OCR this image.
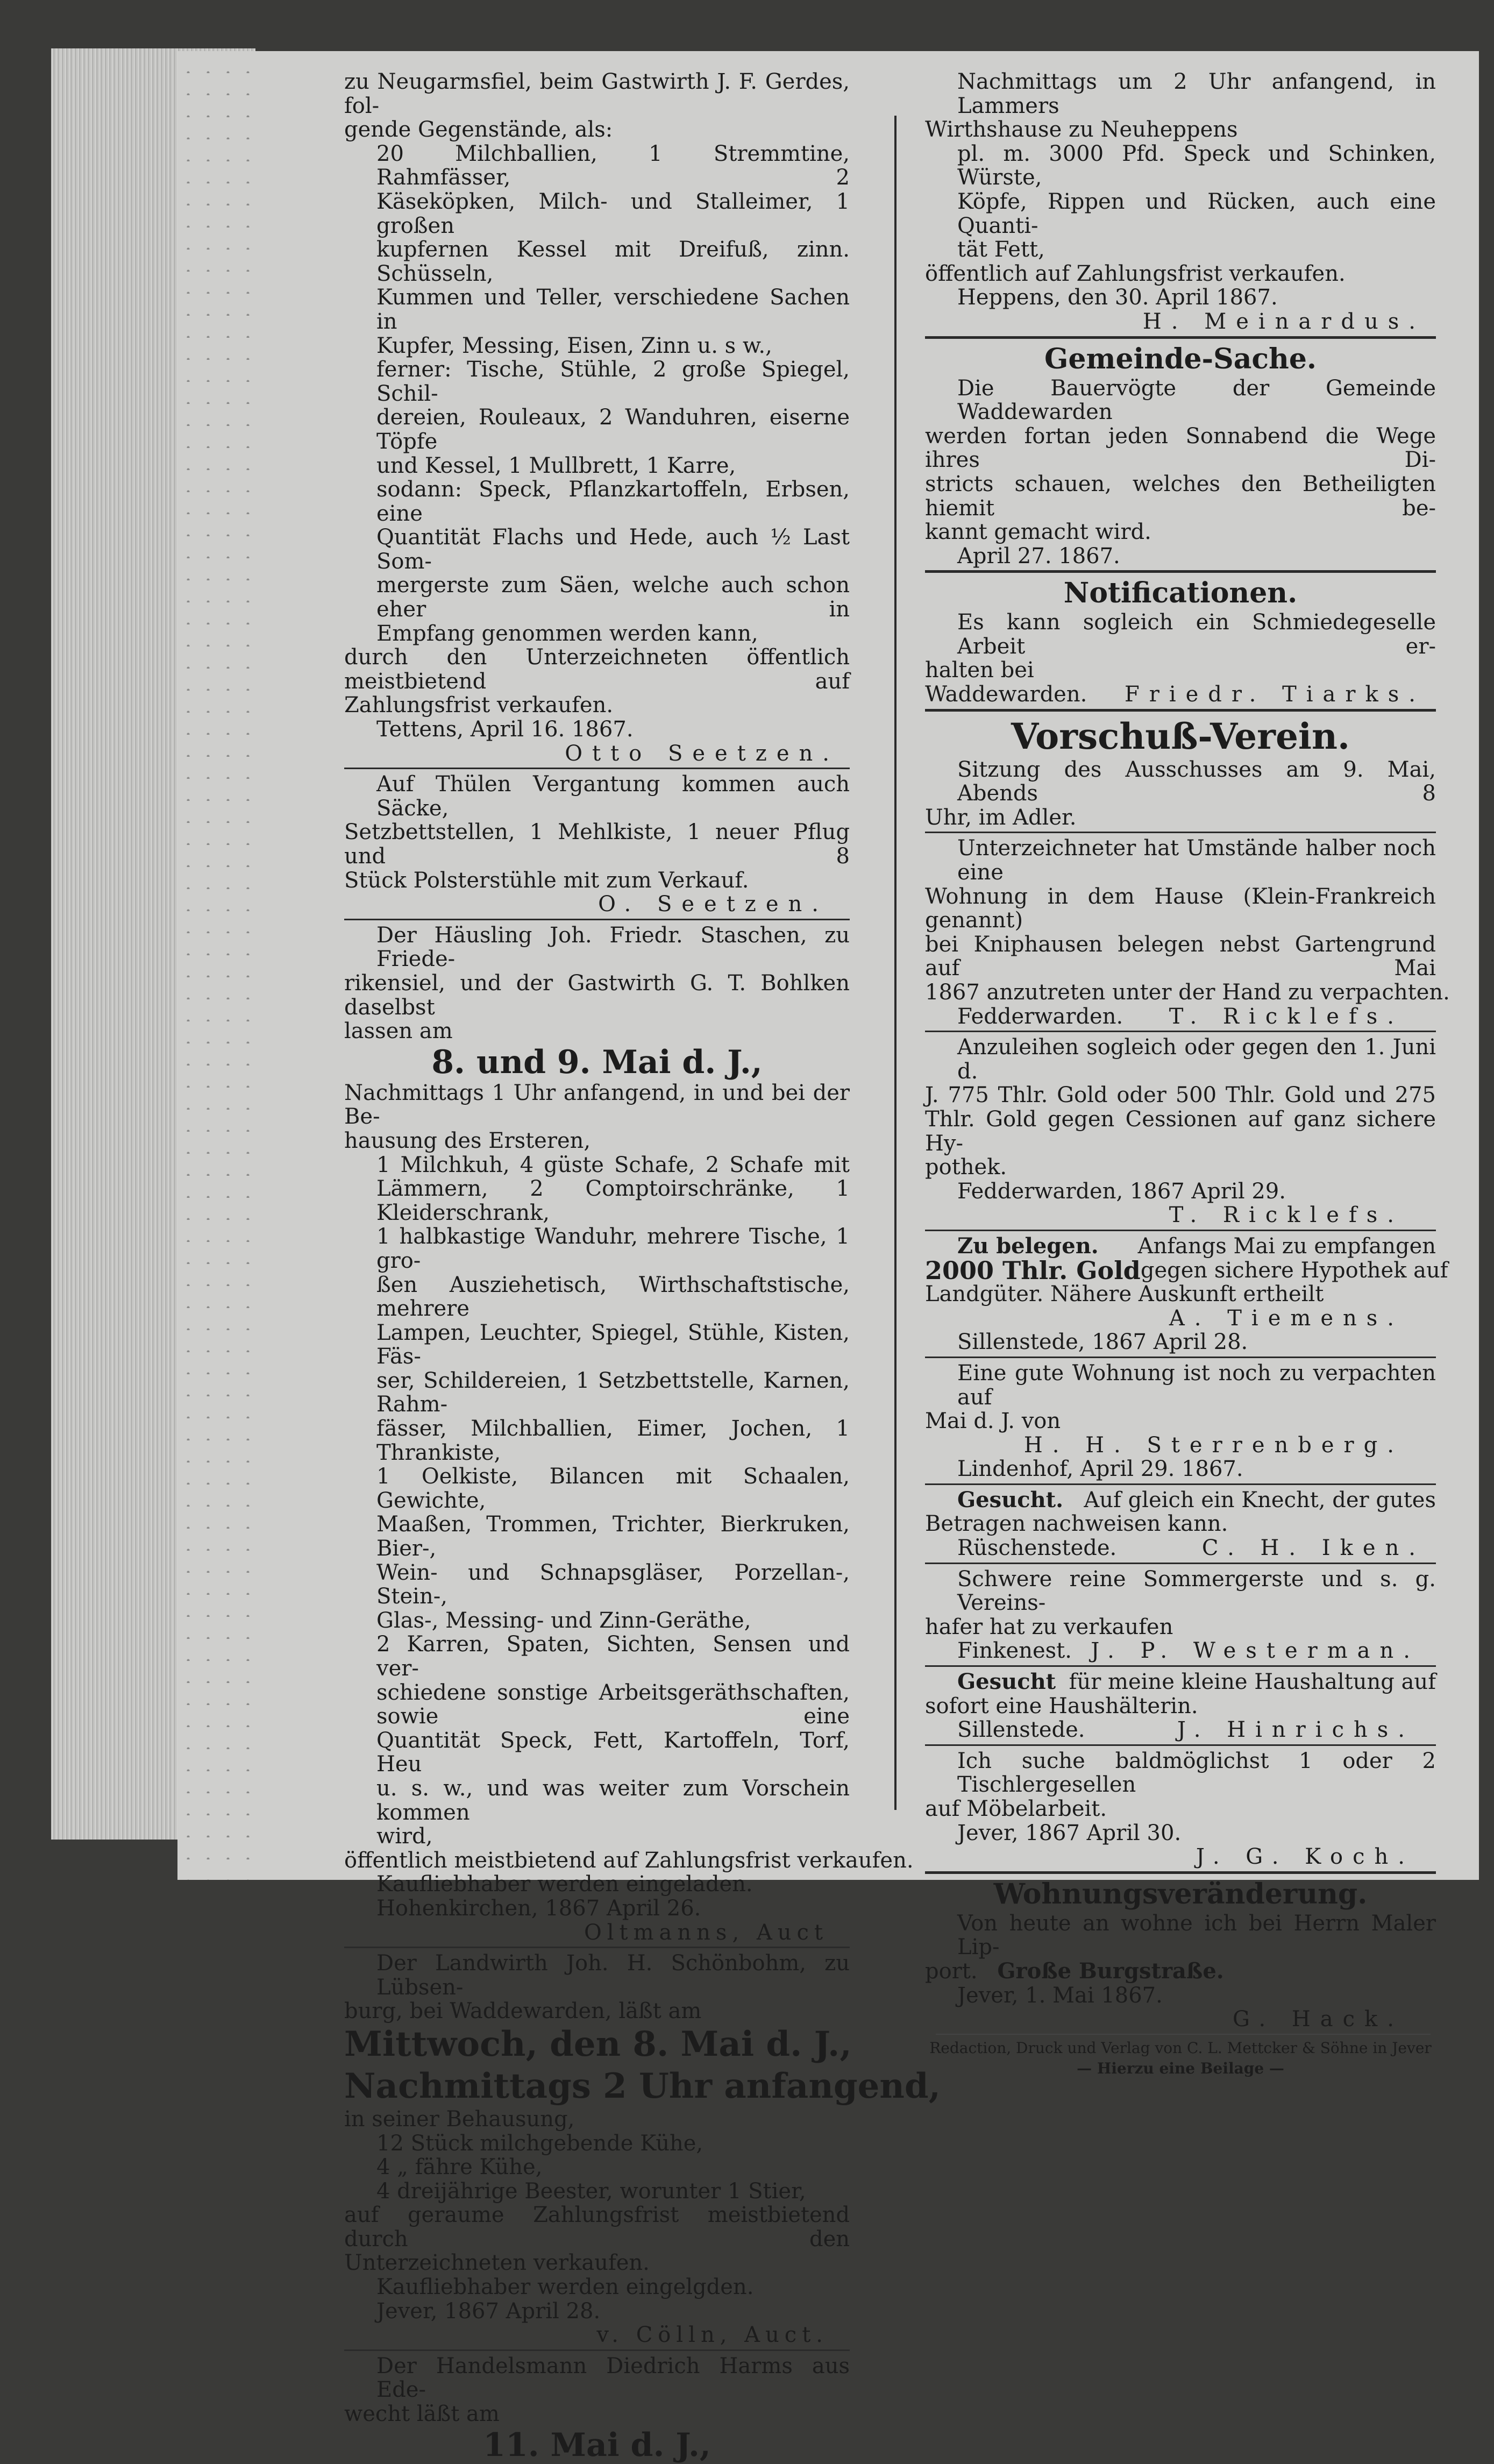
zu Neugarmsfiel, beim Gastwirth J. F. Gerdes, fol-

gende Gegenstände, als:

20 Milchballien, 1 Stremmtine, Rahmfässer, 2

Käseköpken, Milch- und Stalleimer, 1 großen

kupfernen Kessel mit Dreifuß, zinn. Schüsseln,

Kummen und Teller, verschiedene Sachen in

Kupfer, Messing, Eisen, Zinn u. s w.,

ferner: Tische, Stühle, 2 große Spiegel, Schil-

dereien, Rouleaux, 2 Wanduhren, eiserne Töpfe

und Kessel, 1 Mullbrett, 1 Karre,

sodann: Speck, Pflanzkartoffeln, Erbsen, eine

Quantität Flachs und Hede, auch ½ Last Som-

mergerste zum Säen, welche auch schon eher in

Empfang genommen werden kann,

durch den Unterzeichneten öffentlich meistbietend auf

Zahlungsfrist verkaufen.

Tettens, April 16. 1867.

Otto Seetzen.

Auf Thülen Vergantung kommen auch Säcke,

Setzbettstellen, 1 Mehlkiste, 1 neuer Pflug und 8

Stück Polsterstühle mit zum Verkauf.

O. Seetzen.

Der Häusling Joh. Friedr. Staschen, zu Friede-

rikensiel, und der Gastwirth G. T. Bohlken daselbst

lassen am

8. und 9. Mai d. J.,

Nachmittags 1 Uhr anfangend, in und bei der Be-

hausung des Ersteren,

1 Milchkuh, 4 güste Schafe, 2 Schafe mit

Lämmern, 2 Comptoirschränke, 1 Kleiderschrank,

1 halbkastige Wanduhr, mehrere Tische, 1 gro-

ßen Ausziehetisch, Wirthschaftstische, mehrere

Lampen, Leuchter, Spiegel, Stühle, Kisten, Fäs-

ser, Schildereien, 1 Setzbettstelle, Karnen, Rahm-

fässer, Milchballien, Eimer, Jochen, 1 Thrankiste,

1 Oelkiste, Bilancen mit Schaalen, Gewichte,

Maaßen, Trommen, Trichter, Bierkruken, Bier-,

Wein- und Schnapsgläser, Porzellan-, Stein-,

Glas-, Messing- und Zinn-Geräthe,

2 Karren, Spaten, Sichten, Sensen und ver-

schiedene sonstige Arbeitsgeräthschaften, sowie eine

Quantität Speck, Fett, Kartoffeln, Torf, Heu

u. s. w., und was weiter zum Vorschein kommen

wird,

öffentlich meistbietend auf Zahlungsfrist verkaufen.

Kaufliebhaber werden eingeladen.

Hohenkirchen, 1867 April 26.

Oltmanns, Auct

Der Landwirth Joh. H. Schönbohm, zu Lübsen-

burg, bei Waddewarden, läßt am

Mittwoch, den 8. Mai d. J.,

Nachmittags 2 Uhr anfangend,

in seiner Behausung,

12 Stück milchgebende Kühe,

4 „ fähre Kühe,

4 dreijährige Beester, worunter 1 Stier,

auf geraume Zahlungsfrist meistbietend durch den

Unterzeichneten verkaufen.

Kaufliebhaber werden eingelgden.

Jever, 1867 April 28.

v. Cölln, Auct.

Der Handelsmann Diedrich Harms aus Ede-

wecht läßt am

11. Mai d. J.,

Nachmittags um 2 Uhr anfangend, in Lammers

Wirthshause zu Neuheppens

pl. m. 3000 Pfd. Speck und Schinken, Würste,

Köpfe, Rippen und Rücken, auch eine Quanti-

tät Fett,

öffentlich auf Zahlungsfrist verkaufen.

Heppens, den 30. April 1867.

H. Meinardus.

Gemeinde-Sache.

Die Bauervögte der Gemeinde Waddewarden

werden fortan jeden Sonnabend die Wege ihres Di-

stricts schauen, welches den Betheiligten hiemit be-

kannt gemacht wird.

April 27. 1867.

Notificationen.

Es kann sogleich ein Schmiedegeselle Arbeit er-

halten bei

Waddewarden. Friedr. Tiarks.

Vorschuß-Verein.

Sitzung des Ausschusses am 9. Mai, Abends 8

Uhr, im Adler.

Unterzeichneter hat Umstände halber noch eine

Wohnung in dem Hause (Klein-Frankreich genannt)

bei Kniphausen belegen nebst Gartengrund auf Mai

1867 anzutreten unter der Hand zu verpachten.

Fedderwarden. T. Ricklefs.

Anzuleihen sogleich oder gegen den 1. Juni d.

J. 775 Thlr. Gold oder 500 Thlr. Gold und 275

Thlr. Gold gegen Cessionen auf ganz sichere Hy-

pothek.

Fedderwarden, 1867 April 29.

T. Ricklefs.

Zu belegen. Anfangs Mai zu empfangen

2000 Thlr. Gold gegen sichere Hypothek auf

Landgüter. Nähere Auskunft ertheilt

A. Tiemens.

Sillenstede, 1867 April 28.

Eine gute Wohnung ist noch zu verpachten auf

Mai d. J. von

H. H. Sterrenberg.

Lindenhof, April 29. 1867.

Gesucht. Auf gleich ein Knecht, der gutes

Betragen nachweisen kann.

Rüschenstede.	C. H. Iken.

Schwere reine Sommergerste und s. g. Vereins-

hafer hat zu verkaufen

Finkenest. J. P. Westerman.

Gesucht für meine kleine Haushaltung auf

sofort eine Haushälterin.

Sillenstede.	J. Hinrichs.

Ich suche baldmöglichst 1 oder 2 Tischlergesellen

auf Möbelarbeit.

Jever, 1867 April 30.

J. G. Koch.

Wohnungsveränderung.

Von heute an wohne ich bei Herrn Maler Lip-

port. Große Burgstraße.

Jever, 1. Mai 1867.

G. Hack.

Redaction, Druck und Verlag von C. L. Mettcker & Söhne in Jever

— Hierzu eine Beilage —
